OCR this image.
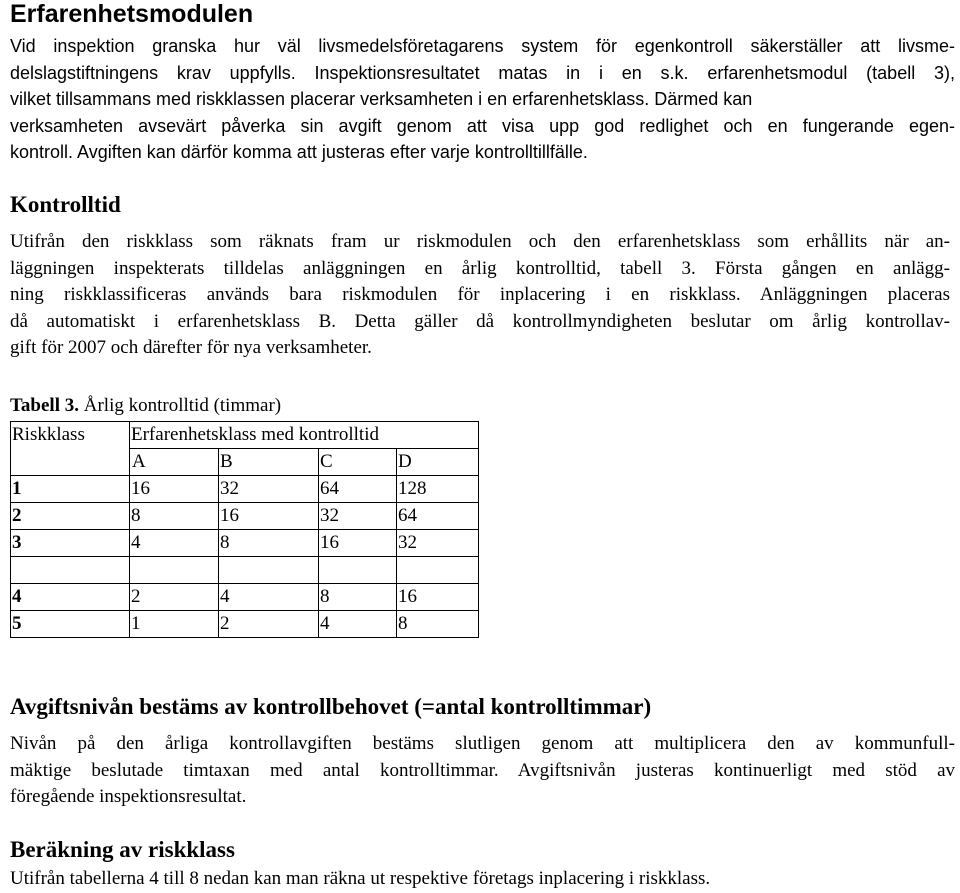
Erfarenhetsmodulen
Vid inspektion granska hur väl livsmedelsföretagarens system för egenkontroll säkerställer att livsme-
delslagstiftningens krav uppfylls. Inspektionsresultatet matas in i en s.k. erfarenhetsmodul (tabell 3),
vilket tillsammans med riskklassen placerar verksamheten i en erfarenhetsklass. Därmed kan
verksamheten avsevärt påverka sin avgift genom att visa upp god redlighet och en fungerande egen-
kontroll. Avgiften kan därför komma att justeras efter varje kontrolltillfälle.
Kontrolltid
Utifrån den riskklass som räknats fram ur riskmodulen och den erfarenhetsklass som erhållits när an-
läggningen inspekterats tilldelas anläggningen en årlig kontrolltid, tabell 3. Första gången en anlägg-
ning riskklassificeras används bara riskmodulen för inplacering i en riskklass. Anläggningen placeras
då automatiskt i erfarenhetsklass B. Detta gäller då kontrollmyndigheten beslutar om årlig kontrollav-
gift för 2007 och därefter för nya verksamheter.
Tabell 3. Årlig kontrolltid (timmar)
Riskklass	Erfarenhetsklass med kontrolltid			
	A	B	C	D
1	16	32	64	128
2	8	16	32	64
3	4	8	16	32

4	2	4	8	16
5	1	2	4	8
Avgiftsnivån bestäms av kontrollbehovet (=antal kontrolltimmar)
Nivån på den årliga kontrollavgiften bestäms slutligen genom att multiplicera den av kommunfull-
mäktige beslutade timtaxan med antal kontrolltimmar. Avgiftsnivån justeras kontinuerligt med stöd av
föregående inspektionsresultat.
Beräkning av riskklass
Utifrån tabellerna 4 till 8 nedan kan man räkna ut respektive företags inplacering i riskklass.
